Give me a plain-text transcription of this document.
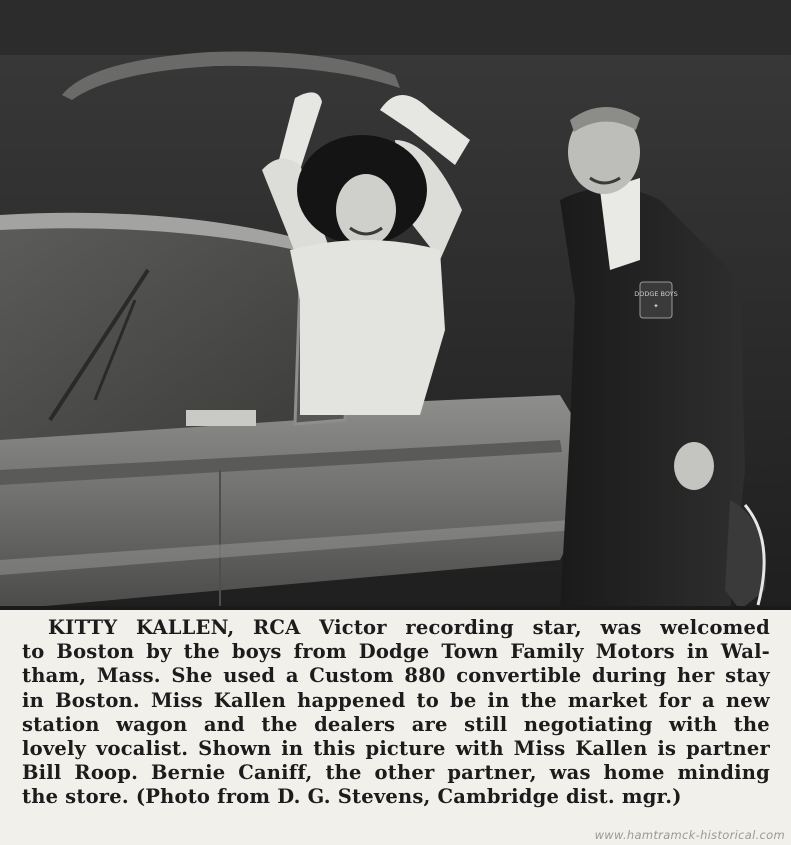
DODGE BOYS
✦
KITTY KALLEN, RCA Victor recording star, was welcomed
to Boston by the boys from Dodge Town Family Motors in Wal-
tham, Mass. She used a Custom 880 convertible during her stay
in Boston. Miss Kallen happened to be in the market for a new
station wagon and the dealers are still negotiating with the
lovely vocalist. Shown in this picture with Miss Kallen is partner
Bill Roop. Bernie Caniff, the other partner, was home minding
the store. (Photo from D. G. Stevens, Cambridge dist. mgr.)
www.hamtramck-historical.com
